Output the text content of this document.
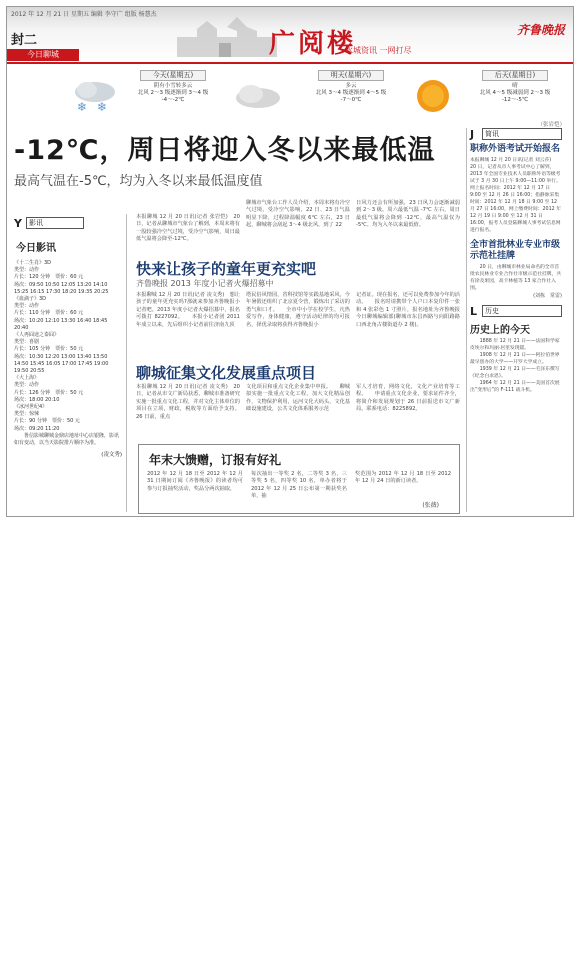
2012 年 12 月 21 日 星期五 编辑 李守广 组版 杨慧杰
封二
今日聊城	广阅楼
水城资讯 一网打尽
齐鲁晚报
❄ ❄
今天(星期五)
阴有小雪转多云
北风 2～3 级逐渐到 3～4 级
-4～-2℃
明天(星期六)
多云
北风 3～4 级逐渐到 4～5 级
-7～0℃
后天(星期日)
晴
北风 4～5 级减弱到 2～3 级
-12～-5℃
（张岩恺）
-12℃，周日将迎入冬以来最低温
最高气温在-5℃，均为入冬以来最低温度值
Y	影讯
今日影讯
《十二生肖》3D
类型：动作
片长：120 分钟　票价：60 元
场次：09:50 10:50 12:05 13:20 14:10
15:25 16:15 17:30 18:20 19:35 20:25
《血滴子》3D
类型：动作
片长：110 分钟　票价：60 元
场次：10:20 12:10 13:30 16:40 18:45
20:40
《人再囧途之泰囧》
类型：喜剧
片长：105 分钟　票价：50 元
场次：10:30 12:20 13:00 13:40 13:50
14:50 15:45 16:05 17:00 17:45 19:00
19:50 20:55
《大上海》
类型：动作
片长：126 分钟　票价：50 元
场次：18:00 20:10
《冰河世纪4》
类型：惊悚
片长：90 分钟　票价：50 元
场次：09:20 11:20
　　鲁信影城聊城金鼎店地址中心店银隆，影讯如有变动，以当天影院排片顺序为准。
(凌文秀)
本报聊城 12 月 20 日讯(记者 张岩恺)　20 日，记者从聊城市气象台了解到，本周末将有一股较强冷空气过境，受冷空气影响，周日最低气温将会降至-12℃。
聊城市气象台工作人员介绍，本周末将有冷空气过境，受冷空气影响，22 日、23 日气温明显下降，过程降温幅度 6℃ 左右，23 日起，聊城将会刮起 3～4 级北风，到了 22
日风力还会有所加强，23 日风力会逐渐减弱到 2～3 级。周六最低气温 -7℃ 左右，周日最低气温将会降到 -12℃，最高气温仅为 -5℃，均为入冬以来最低值。
快来让孩子的童年更充实吧
齐鲁晚报 2013 年度小记者火爆招募中
本报聊城 12 月 20 日讯(记者 凌文秀)　想让孩子的童年更充实吗?那就来参加齐鲁晚报小记者吧。2013 年度小记者火爆招募中，报名可拨打 8227092。　　本报小记者团 2011 年成立以来，先后组织小记者前往济南九顶
塔民俗风情园，省科技馆等实践基地采风，今年暑假还组织了北京夏令营，锻炼出了采访的勇气和口才。　　全市中小学在校学生，凡热爱写作，身体健康，遵守活动纪律的均可报名，择优录取将获得齐鲁晚报小
记者证。现在报名，还可以免费参加今年的活动。　　报名时请携带个人户口本复印件一张和 4 张彩色 1 寸照片，报名地址为齐鲁晚报今日聊城编辑部(聊城市东昌西路与向阳路路口西北角古楼街道办 2 楼)。
聊城征集文化发展重点项目
本报聊城 12 月 20 日讯(记者 凌文秀)　20 日，记者从市文广新局获悉，聊城市准备研究实施一批重点文化工程，并对文化主体单位的项目在立项，财政，税收等方面给予支持。26 日前，重点
文化项目和重点文化企业集中申报。　　聊城拟实施一批重点文化工程，加大文化精品创作，文物保护利用，运河文化大码头，文化基础设施建设，公共文化体系服务示范
军人才培育，网络文化，文化产业培育等工程。　　申请重点文化企业，要求证件齐全，将简介和发展规划于 26 日前报送市文广新局。联系电话：8225892。
年末大馈赠，订报有好礼
2012 年 12 月 18 日至 2012 年 12 月 31 日期间订阅《齐鲁晚报》的读者均可参与订报抽奖活动，奖品分两次抽取，
每次抽出一等奖 2 名，二等奖 3 名，三等奖 5 名，四等奖 10 名，单办者将于 2012 年 12 月 25 日公布第一期获奖名单，抽
奖范围为 2012 年 12 月 18 日至 2012 年 12 月 24 日的新订读者。
(张薇)
J	简讯
职称外语考试开始报名
本报聊城 12 月 20 日讯(记者 刘云莎)　20 日，记者从市人事考试中心了解到，2013 年全国专业技术人员职称外语等级考试于 3 月 30 日上午 9:00—11:00 举行。　　网上报名时间：2012 年 12 月 17 日 9:00 至 12 月 26 日 16:00；指静脉采集时间：2012 年 12 月 18 日 9:00 至 12 月 27 日 16:00，网上缴费时间：2012 年 12 月 19 日 9:00 至 12 月 31 日 16:00，报考人员登陆聊城人事考试信息网进行报名。
全市首批林业专业市级示范社挂牌
　　20 日，由聊城市林业局命名的全市首批农民林业专业合作社市级示范社挂牌，共有徐及果园，高卡林植等 13 家合作社入围。
(刘栋　常雷)
L	历史
历史上的今天
　　1888 年 12 月 21 日——法国科学家皮埃尔和玛丽·居里发现镭。
　　1908 年 12 月 21 日——阿拉伯世界最早创办的大学——开罗大学成立。
　　1939 年 12 月 21 日——毛泽东撰写《纪念白求恩》。
　　1964 年 12 月 21 日——美国首次展出“变形后”的 F-111 战斗机。
